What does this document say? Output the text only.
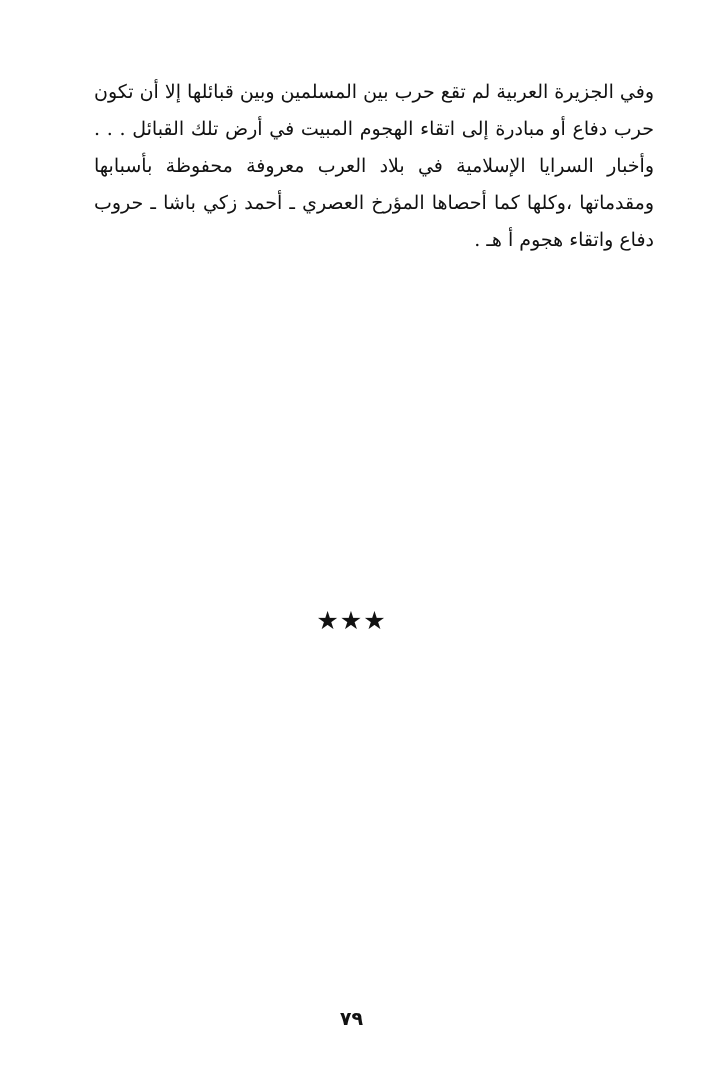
وفي الجزيرة العربية لم تقع حرب بين المسلمين وبين قبائلها إلا أن تكون
حرب دفاع أو مبادرة إلى اتقاء الهجوم المبيت في أرض تلك القبائل . . .
وأخبار السرايا الإسلامية في بلاد العرب معروفة محفوظة بأسبابها
ومقدماتها ،وكلها كما أحصاها المؤرخ العصري ـ أحمد زكي باشا ـ حروب
دفاع واتقاء هجوم أ هـ .
★★★
٧٩
